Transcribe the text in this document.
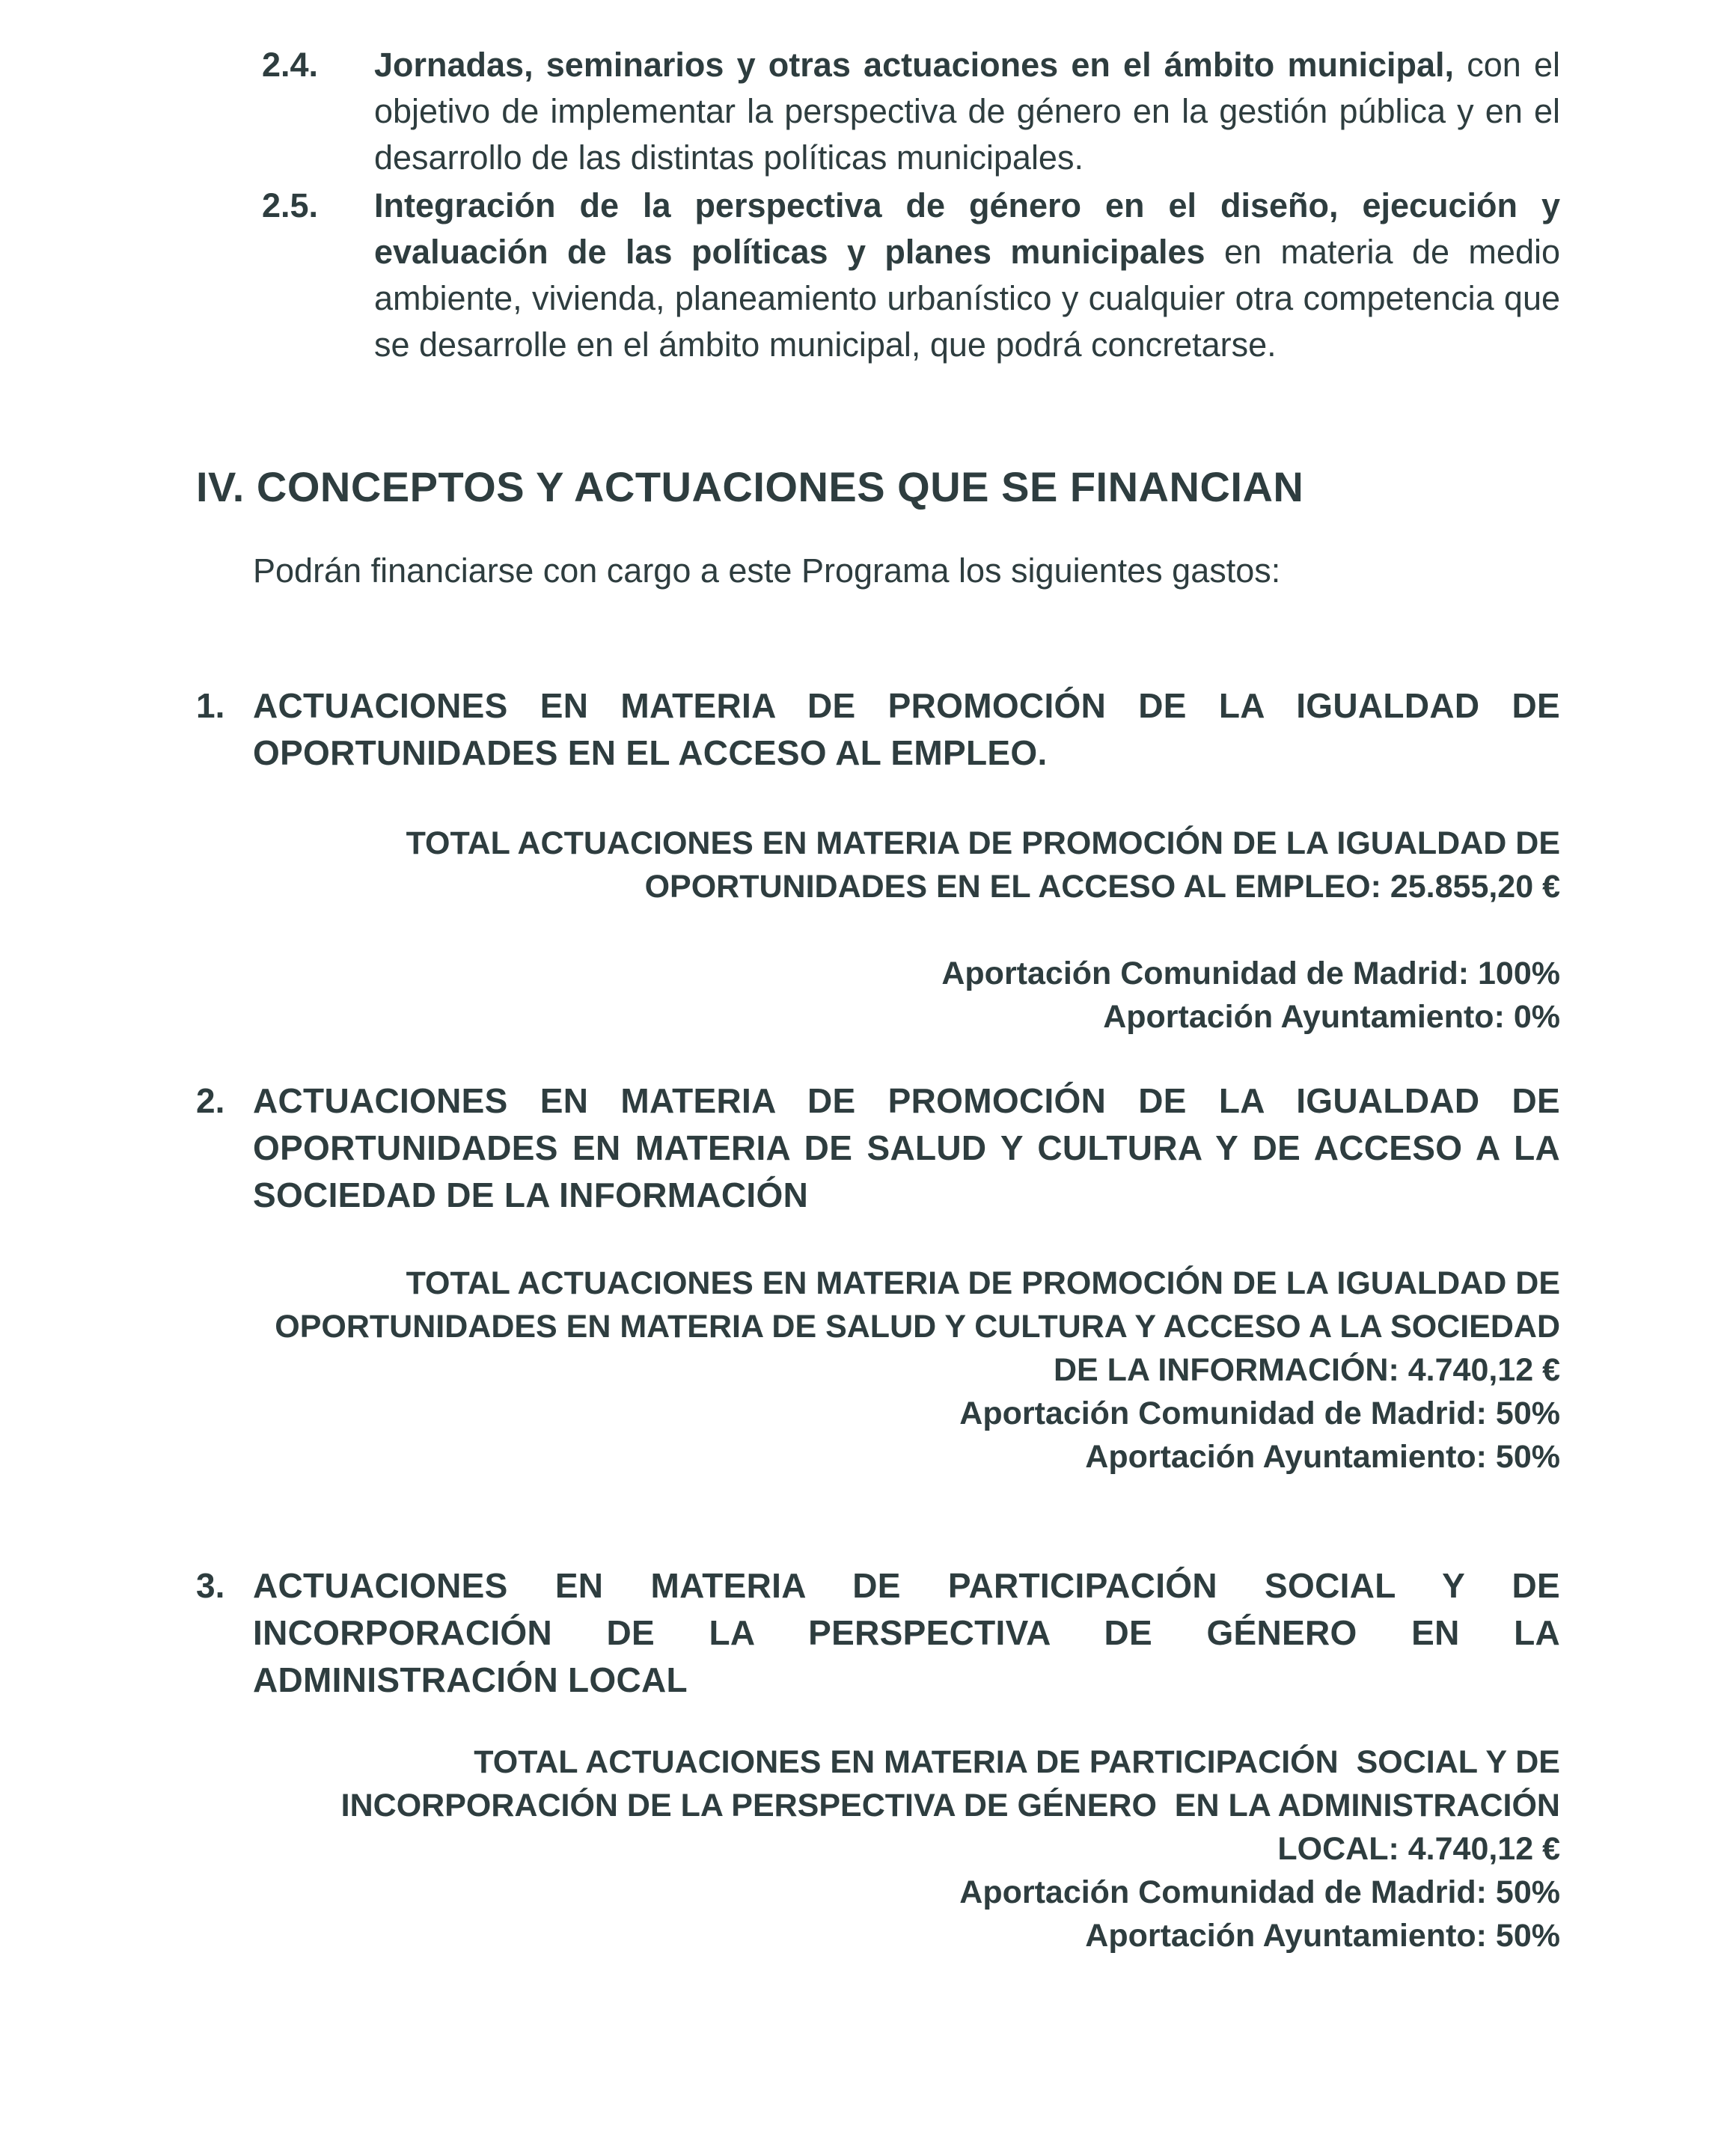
2.4. Jornadas, seminarios y otras actuaciones en el ámbito municipal, con el objetivo de implementar la perspectiva de género en la gestión pública y en el desarrollo de las distintas políticas municipales.
2.5. Integración de la perspectiva de género en el diseño, ejecución y evaluación de las políticas y planes municipales en materia de medio ambiente, vivienda, planeamiento urbanístico y cualquier otra competencia que se desarrolle en el ámbito municipal, que podrá concretarse.
IV. CONCEPTOS Y ACTUACIONES QUE SE FINANCIAN
Podrán financiarse con cargo a este Programa los siguientes gastos:
1. ACTUACIONES EN MATERIA DE PROMOCIÓN DE LA IGUALDAD DE OPORTUNIDADES EN EL ACCESO AL EMPLEO.
TOTAL ACTUACIONES EN MATERIA DE PROMOCIÓN DE LA IGUALDAD DE
OPORTUNIDADES EN EL ACCESO AL EMPLEO: 25.855,20 €
Aportación Comunidad de Madrid: 100%
Aportación Ayuntamiento: 0%
2. ACTUACIONES EN MATERIA DE PROMOCIÓN DE LA IGUALDAD DE OPORTUNIDADES EN MATERIA DE SALUD Y CULTURA Y DE ACCESO A LA SOCIEDAD DE LA INFORMACIÓN
TOTAL ACTUACIONES EN MATERIA DE PROMOCIÓN DE LA IGUALDAD DE
OPORTUNIDADES EN MATERIA DE SALUD Y CULTURA Y ACCESO A LA SOCIEDAD
DE LA INFORMACIÓN: 4.740,12 €
Aportación Comunidad de Madrid: 50%
Aportación Ayuntamiento: 50%
3. ACTUACIONES EN MATERIA DE PARTICIPACIÓN SOCIAL Y DE INCORPORACIÓN DE LA PERSPECTIVA DE GÉNERO EN LA ADMINISTRACIÓN LOCAL
TOTAL ACTUACIONES EN MATERIA DE PARTICIPACIÓN  SOCIAL Y DE
INCORPORACIÓN DE LA PERSPECTIVA DE GÉNERO  EN LA ADMINISTRACIÓN
LOCAL: 4.740,12 €
Aportación Comunidad de Madrid: 50%
Aportación Ayuntamiento: 50%
